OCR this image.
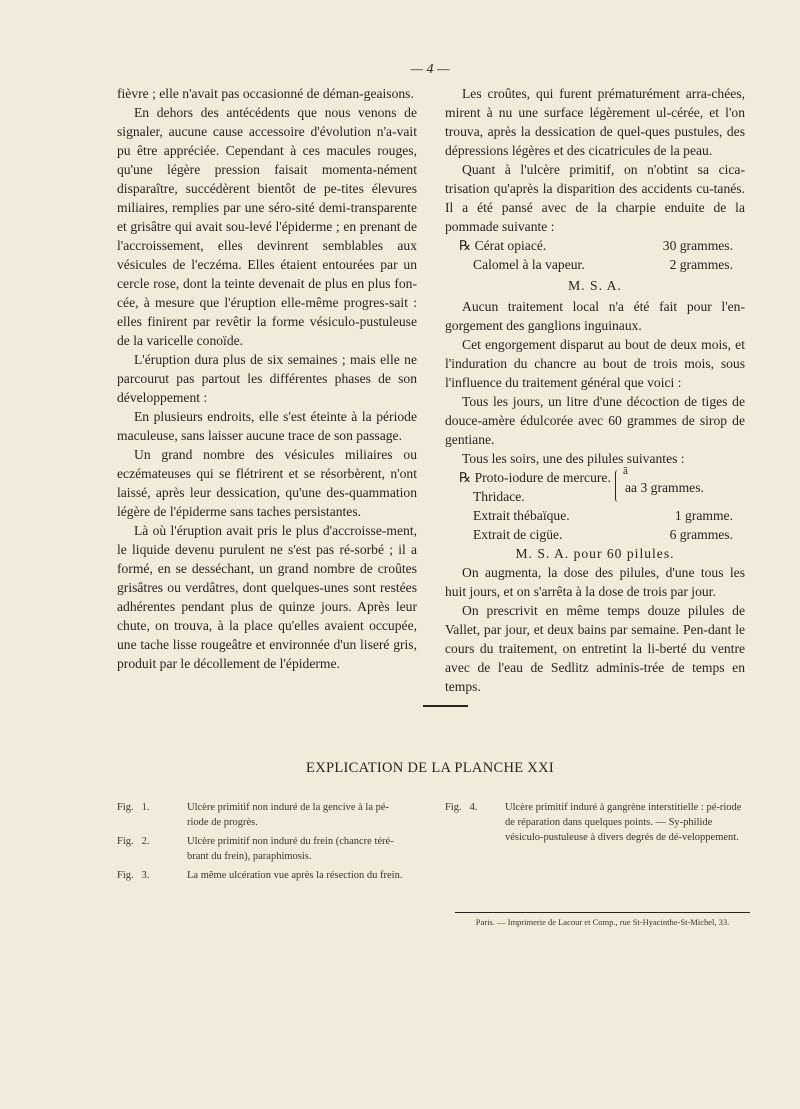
— 4 —

fièvre ; elle n'avait pas occasionné de déman-geaisons.

En dehors des antécédents que nous venons de signaler, aucune cause accessoire d'évolution n'a-vait pu être appréciée. Cependant à ces macules rouges, qu'une légère pression faisait momenta-nément disparaître, succédèrent bientôt de pe-tites élevures miliaires, remplies par une séro-sité demi-transparente et grisâtre qui avait sou-levé l'épiderme ; en prenant de l'accroissement, elles devinrent semblables aux vésicules de l'eczéma. Elles étaient entourées par un cercle rose, dont la teinte devenait de plus en plus fon-cée, à mesure que l'éruption elle-même progres-sait : elles finirent par revêtir la forme vésiculo-pustuleuse de la varicelle conoïde.

L'éruption dura plus de six semaines ; mais elle ne parcourut pas partout les différentes phases de son développement :

En plusieurs endroits, elle s'est éteinte à la période maculeuse, sans laisser aucune trace de son passage.

Un grand nombre des vésicules miliaires ou eczémateuses qui se flétrirent et se résorbèrent, n'ont laissé, après leur dessication, qu'une des-quammation légère de l'épiderme sans taches persistantes.

Là où l'éruption avait pris le plus d'accroisse-ment, le liquide devenu purulent ne s'est pas ré-sorbé ; il a formé, en se desséchant, un grand nombre de croûtes grisâtres ou verdâtres, dont quelques-unes sont restées adhérentes pendant plus de quinze jours. Après leur chute, on trouva, à la place qu'elles avaient occupée, une tache lisse rougeâtre et environnée d'un liseré gris, produit par le décollement de l'épiderme.

Les croûtes, qui furent prématurément arra-chées, mirent à nu une surface légèrement ul-cérée, et l'on trouva, après la dessication de quel-ques pustules, des dépressions légères et des cicatricules de la peau.

Quant à l'ulcère primitif, on n'obtint sa cica-trisation qu'après la disparition des accidents cu-tanés. Il a été pansé avec de la charpie enduite de la pommade suivante :

℞ Cérat opiacé.	30 grammes.
Calomel à la vapeur.	2 grammes.

M. S. A.

Aucun traitement local n'a été fait pour l'en-gorgement des ganglions inguinaux.

Cet engorgement disparut au bout de deux mois, et l'induration du chancre au bout de trois mois, sous l'influence du traitement général que voici :

Tous les jours, un litre d'une décoction de tiges de douce-amère édulcorée avec 60 grammes de sirop de gentiane.

Tous les soirs, une des pilules suivantes :

℞ Proto-iodure de mercure.
Thridace.
ã
aa 3 grammes.
Extrait thébaïque.	1 gramme.
Extrait de cigüe.	6 grammes.

M. S. A. pour 60 pilules.

On augmenta, la dose des pilules, d'une tous les huit jours, et on s'arrêta à la dose de trois par jour.

On prescrivit en même temps douze pilules de Vallet, par jour, et deux bains par semaine. Pen-dant le cours du traitement, on entretint la li-berté du ventre avec de l'eau de Sedlitz adminis-trée de temps en temps.

EXPLICATION DE LA PLANCHE XXI
Fig. 1.	Ulcère primitif non induré de la gencive à la pé-riode de progrès.
Fig. 2.	Ulcère primitif non induré du frein (chancre téré-brant du frein), paraphimosis.
Fig. 3.	La même ulcération vue après la résection du frein.
Fig. 4.	Ulcère primitif induré à gangrène interstitielle : pé-riode de réparation dans quelques points. — Sy-philide vésiculo-pustuleuse à divers degrés de dé-veloppement.
Paris. — Imprimerie de Lacour et Comp., rue St-Hyacinthe-St-Michel, 33.
